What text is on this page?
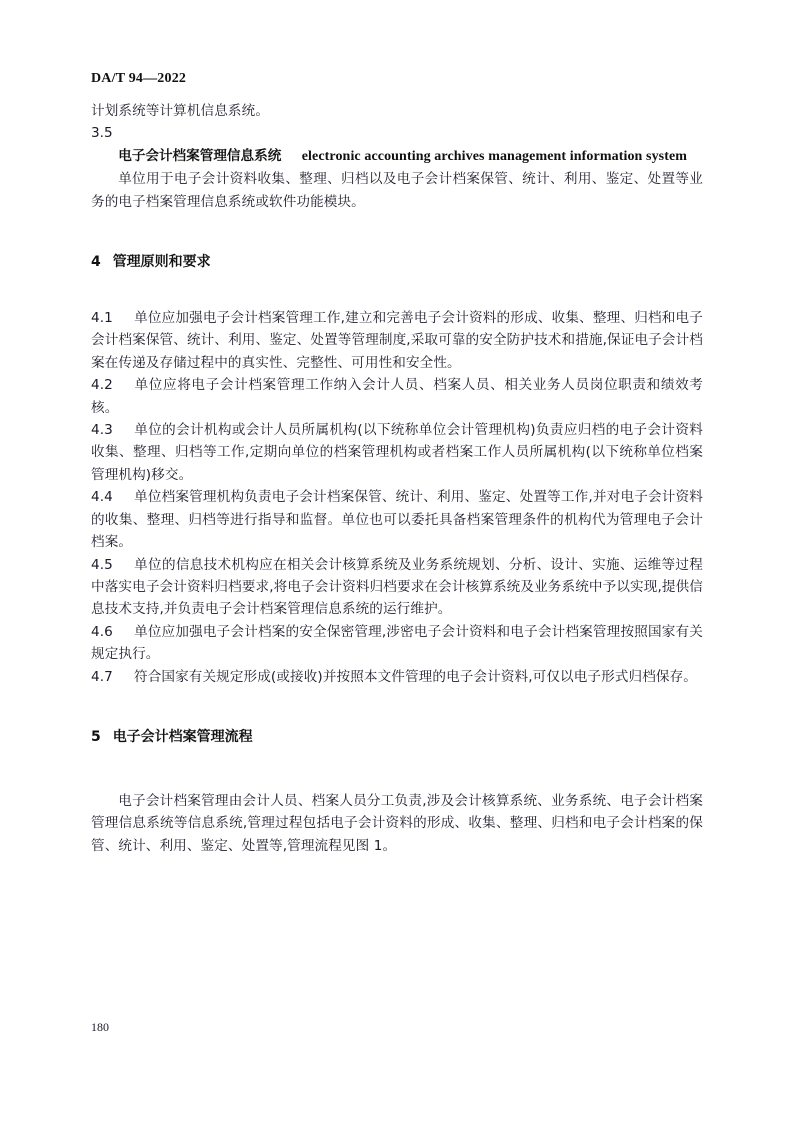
DA/T 94—2022

计划系统等计算机信息系统。

3.5

电子会计档案管理信息系统 electronic accounting archives management information system

单位用于电子会计资料收集、整理、归档以及电子会计档案保管、统计、利用、鉴定、处置等业务的电子档案管理信息系统或软件功能模块。

4 管理原则和要求

4.1 单位应加强电子会计档案管理工作,建立和完善电子会计资料的形成、收集、整理、归档和电子会计档案保管、统计、利用、鉴定、处置等管理制度,采取可靠的安全防护技术和措施,保证电子会计档案在传递及存储过程中的真实性、完整性、可用性和安全性。

4.2 单位应将电子会计档案管理工作纳入会计人员、档案人员、相关业务人员岗位职责和绩效考核。

4.3 单位的会计机构或会计人员所属机构(以下统称单位会计管理机构)负责应归档的电子会计资料收集、整理、归档等工作,定期向单位的档案管理机构或者档案工作人员所属机构(以下统称单位档案管理机构)移交。

4.4 单位档案管理机构负责电子会计档案保管、统计、利用、鉴定、处置等工作,并对电子会计资料的收集、整理、归档等进行指导和监督。单位也可以委托具备档案管理条件的机构代为管理电子会计档案。

4.5 单位的信息技术机构应在相关会计核算系统及业务系统规划、分析、设计、实施、运维等过程中落实电子会计资料归档要求,将电子会计资料归档要求在会计核算系统及业务系统中予以实现,提供信息技术支持,并负责电子会计档案管理信息系统的运行维护。

4.6 单位应加强电子会计档案的安全保密管理,涉密电子会计资料和电子会计档案管理按照国家有关规定执行。

4.7 符合国家有关规定形成(或接收)并按照本文件管理的电子会计资料,可仅以电子形式归档保存。

5 电子会计档案管理流程

电子会计档案管理由会计人员、档案人员分工负责,涉及会计核算系统、业务系统、电子会计档案管理信息系统等信息系统,管理过程包括电子会计资料的形成、收集、整理、归档和电子会计档案的保管、统计、利用、鉴定、处置等,管理流程见图 1。

180
